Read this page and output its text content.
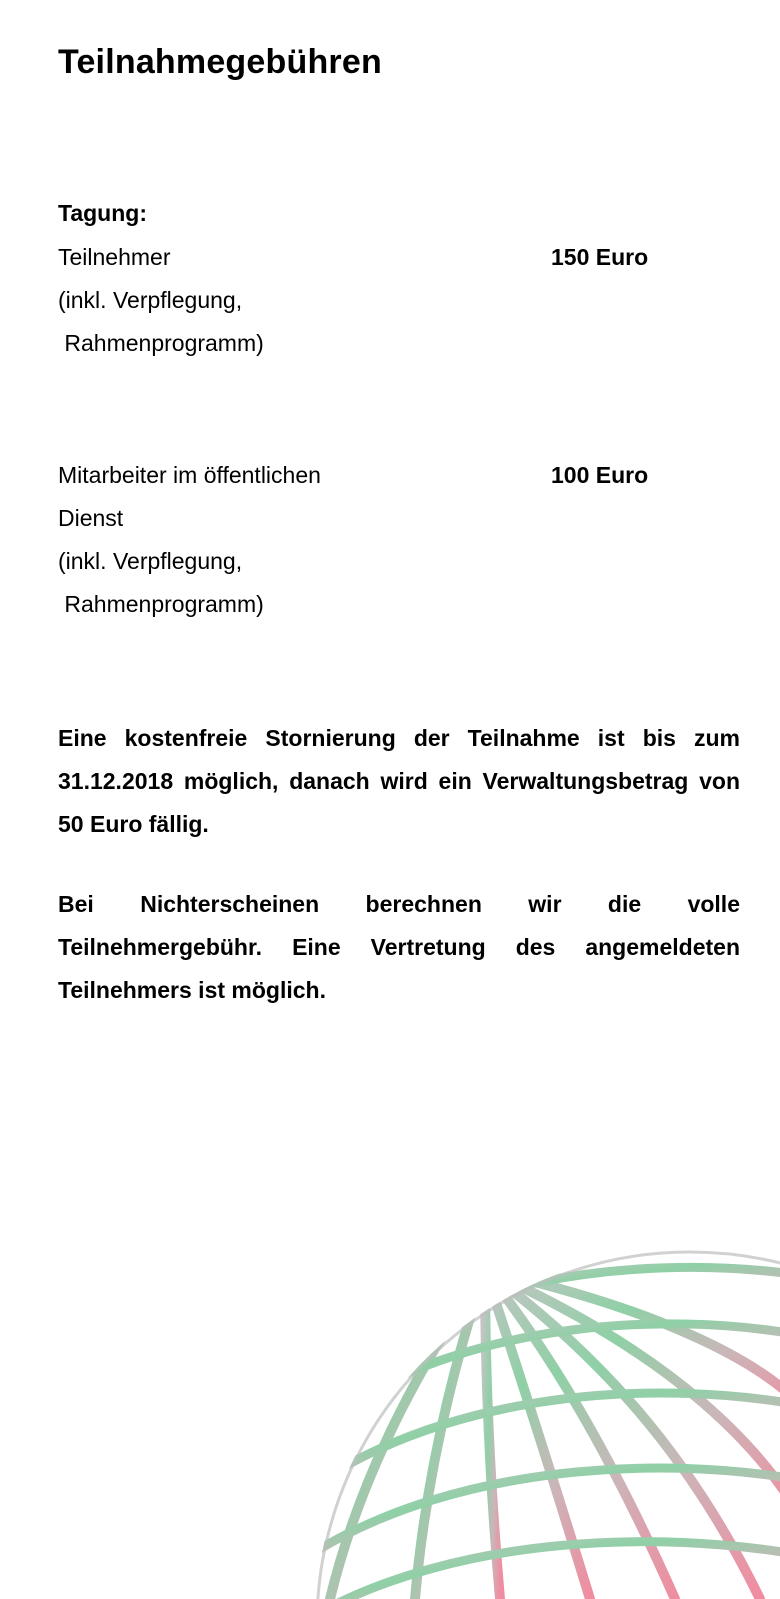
Teilnahmegebühren
Tagung:
Teilnehmer
(inkl. Verpflegung,
Rahmenprogramm)
150 Euro
Mitarbeiter im öffentlichen
Dienst
(inkl. Verpflegung,
Rahmenprogramm)
100 Euro

Eine kostenfreie Stornierung der Teilnahme ist bis zum 31.12.2018 möglich, danach wird ein Verwaltungsbetrag von 50 Euro fällig.

Bei Nichterscheinen berechnen wir die volle Teilnehmergebühr. Eine Vertretung des angemeldeten Teilnehmers ist möglich.
